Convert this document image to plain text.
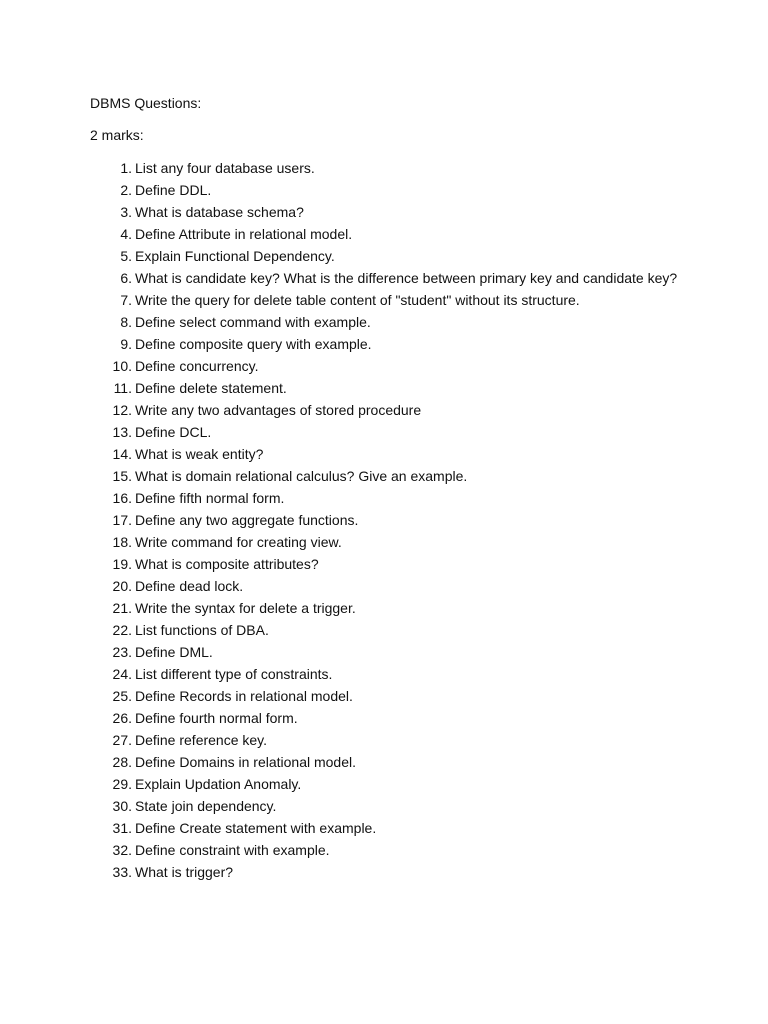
DBMS Questions:

2 marks:

1. List any four database users.
2. Define DDL.
3. What is database schema?
4. Define Attribute in relational model.
5. Explain Functional Dependency.
6. What is candidate key? What is the difference between primary key and candidate key?
7. Write the query for delete table content of "student" without its structure.
8. Define select command with example.
9. Define composite query with example.
10. Define concurrency.
11. Define delete statement.
12. Write any two advantages of stored procedure
13. Define DCL.
14. What is weak entity?
15. What is domain relational calculus? Give an example.
16. Define fifth normal form.
17. Define any two aggregate functions.
18. Write command for creating view.
19. What is composite attributes?
20. Define dead lock.
21. Write the syntax for delete a trigger.
22. List functions of DBA.
23. Define DML.
24. List different type of constraints.
25. Define Records in relational model.
26. Define fourth normal form.
27. Define reference key.
28. Define Domains in relational model.
29. Explain Updation Anomaly.
30. State join dependency.
31. Define Create statement with example.
32. Define constraint with example.
33. What is trigger?
